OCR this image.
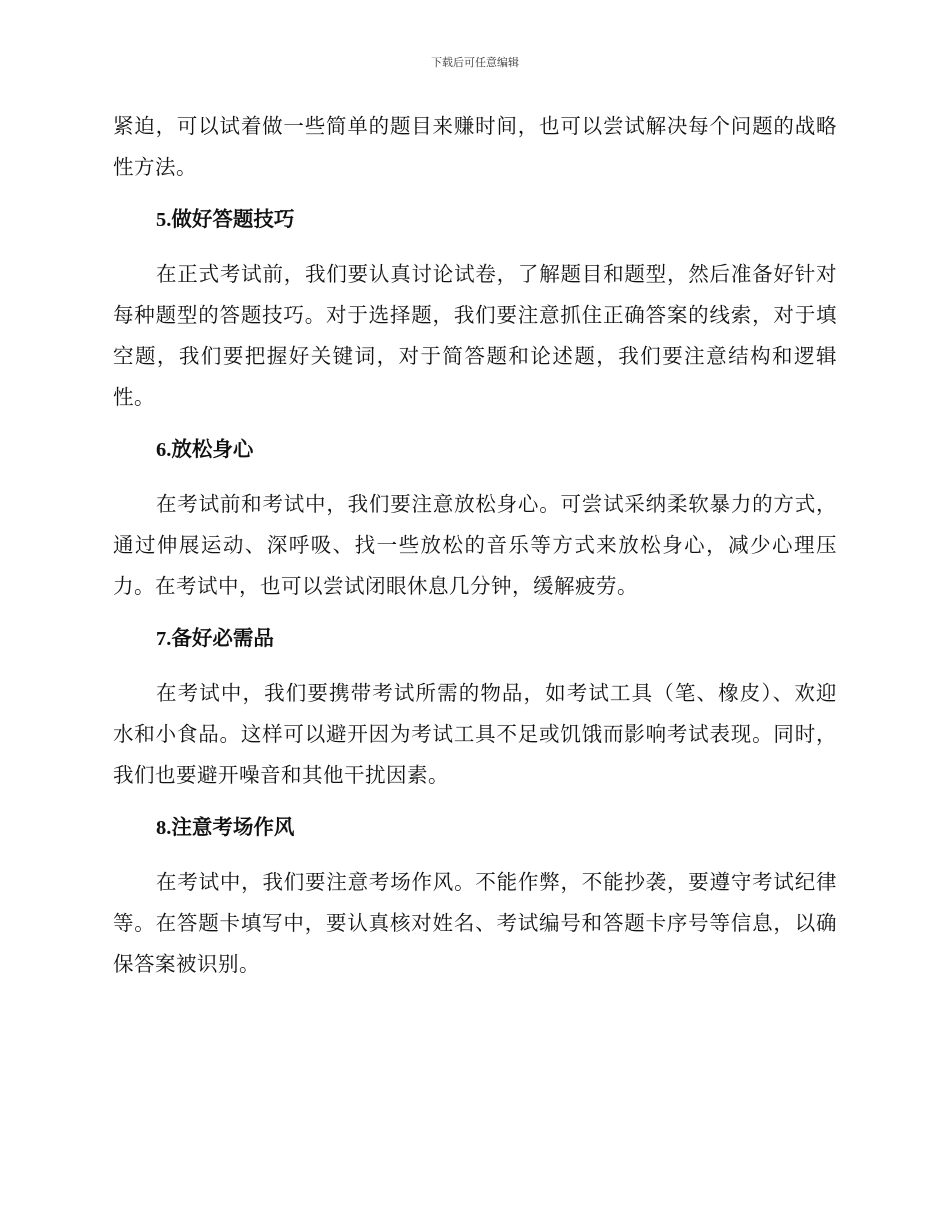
下载后可任意编辑

紧迫，可以试着做一些简单的题目来赚时间，也可以尝试解决每个问题的战略性方法。

5.做好答题技巧

在正式考试前，我们要认真讨论试卷，了解题目和题型，然后准备好针对每种题型的答题技巧。对于选择题，我们要注意抓住正确答案的线索，对于填空题，我们要把握好关键词，对于简答题和论述题，我们要注意结构和逻辑性。

6.放松身心

在考试前和考试中，我们要注意放松身心。可尝试采纳柔软暴力的方式，通过伸展运动、深呼吸、找一些放松的音乐等方式来放松身心，减少心理压力。在考试中，也可以尝试闭眼休息几分钟，缓解疲劳。

7.备好必需品

在考试中，我们要携带考试所需的物品，如考试工具（笔、橡皮）、欢迎水和小食品。这样可以避开因为考试工具不足或饥饿而影响考试表现。同时，我们也要避开噪音和其他干扰因素。

8.注意考场作风

在考试中，我们要注意考场作风。不能作弊，不能抄袭，要遵守考试纪律等。在答题卡填写中，要认真核对姓名、考试编号和答题卡序号等信息，以确保答案被识别。
